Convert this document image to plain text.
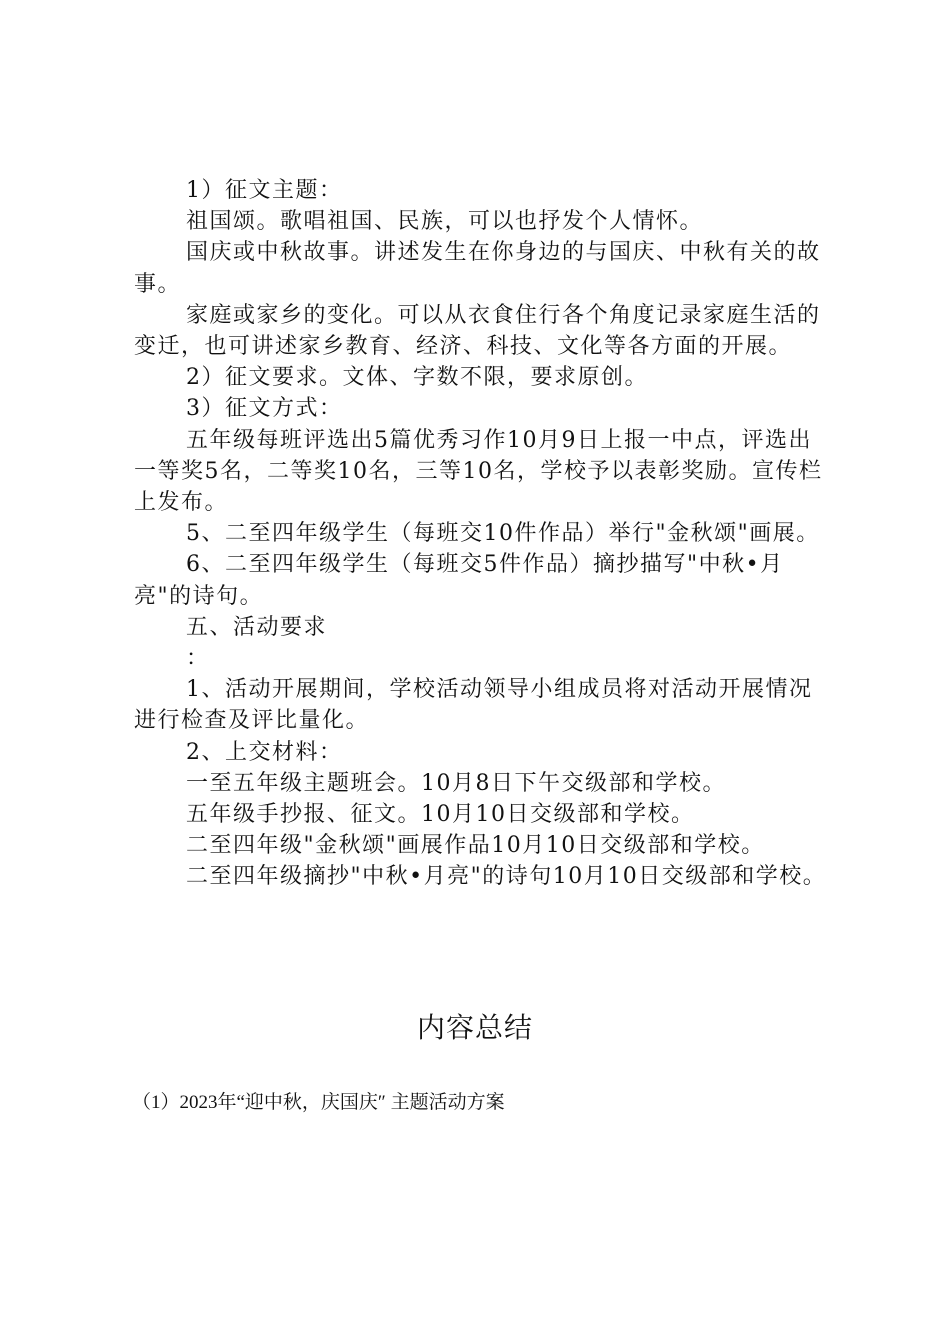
1）征文主题：

祖国颂。歌唱祖国、民族，可以也抒发个人情怀。

国庆或中秋故事。讲述发生在你身边的与国庆、中秋有关的故事。

家庭或家乡的变化。可以从衣食住行各个角度记录家庭生活的变迁，也可讲述家乡教育、经济、科技、文化等各方面的开展。

2）征文要求。文体、字数不限，要求原创。

3）征文方式：

五年级每班评选出5篇优秀习作10月9日上报一中点，评选出一等奖5名，二等奖10名，三等10名，学校予以表彰奖励。宣传栏上发布。

5、二至四年级学生（每班交10件作品）举行"金秋颂"画展。

6、二至四年级学生（每班交5件作品）摘抄描写"中秋•月亮"的诗句。

五、活动要求

：

1、活动开展期间，学校活动领导小组成员将对活动开展情况进行检查及评比量化。

2、上交材料：

一至五年级主题班会。10月8日下午交级部和学校。

五年级手抄报、征文。10月10日交级部和学校。

二至四年级"金秋颂"画展作品10月10日交级部和学校。

二至四年级摘抄"中秋•月亮"的诗句10月10日交级部和学校。

内容总结
（1）2023年“迎中秋，庆国庆″ 主题活动方案
